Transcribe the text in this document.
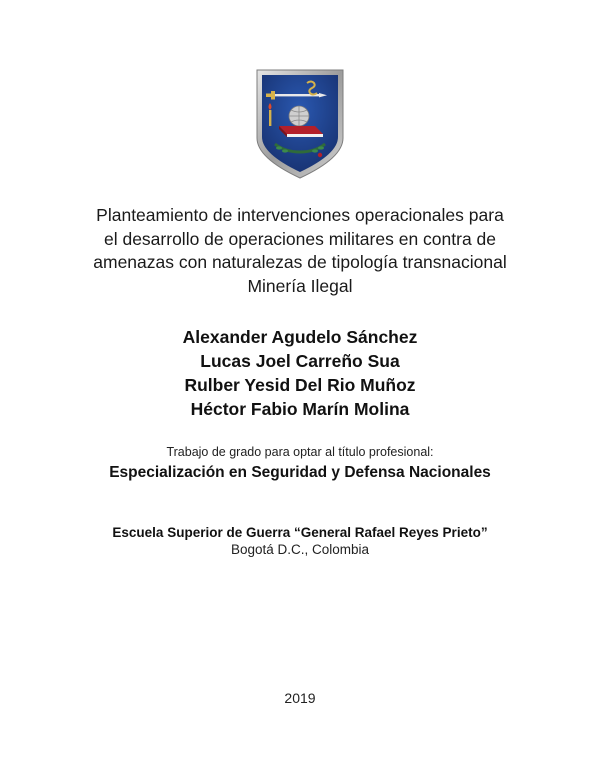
Planteamiento de intervenciones operacionales para
el desarrollo de operaciones militares en contra de
amenazas con naturalezas de tipología transnacional
Minería Ilegal
Alexander Agudelo Sánchez
Lucas Joel Carreño Sua
Rulber Yesid Del Rio Muñoz
Héctor Fabio Marín Molina
Trabajo de grado para optar al título profesional:
Especialización en Seguridad y Defensa Nacionales
Escuela Superior de Guerra “General Rafael Reyes Prieto”
Bogotá D.C., Colombia
2019
